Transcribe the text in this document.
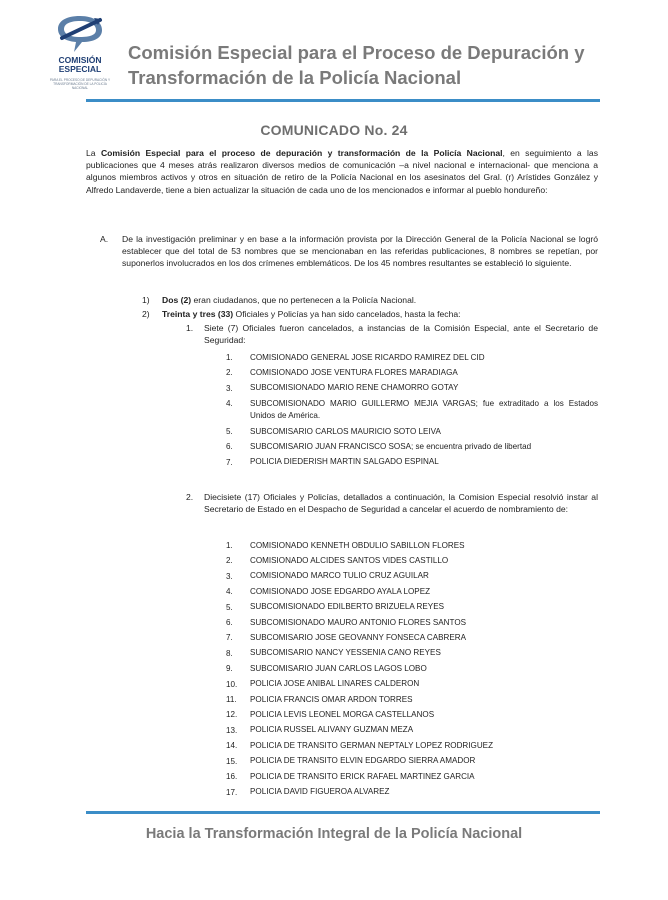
COMISIÓN
ESPECIAL
PARA EL PROCESO DE DEPURACIÓN Y TRANSFORMACIÓN DE LA POLICÍA NACIONAL
Comisión Especial para el Proceso de Depuración y
Transformación de la Policía Nacional
COMUNICADO No. 24

La Comisión Especial para el proceso de depuración y transformación de la Policía Nacional, en seguimiento a las publicaciones que 4 meses atrás realizaron diversos medios de comunicación –a nivel nacional e internacional- que menciona a algunos miembros activos y otros en situación de retiro de la Policía Nacional en los asesinatos del Gral. (r) Arístides González y Alfredo Landaverde, tiene a bien actualizar la situación de cada uno de los mencionados e informar al pueblo hondureño:

A. De la investigación preliminar y en base a la información provista por la Dirección General de la Policía Nacional se logró establecer que del total de 53 nombres que se mencionaban en las referidas publicaciones, 8 nombres se repetían, por suponerlos involucrados en los dos crímenes emblemáticos. De los 45 nombres resultantes se estableció lo siguiente.
1) Dos (2) eran ciudadanos, que no pertenecen a la Policía Nacional.
2) Treinta y tres (33) Oficiales y Policías ya han sido cancelados, hasta la fecha:
1. Siete (7) Oficiales fueron cancelados, a instancias de la Comisión Especial, ante el Secretario de Seguridad:
1. COMISIONADO GENERAL JOSE RICARDO RAMIREZ DEL CID
2. COMISIONADO JOSE VENTURA FLORES MARADIAGA
3. SUBCOMISIONADO MARIO RENE CHAMORRO GOTAY
4. SUBCOMISIONADO MARIO GUILLERMO MEJIA VARGAS; fue extraditado a los Estados Unidos de América.
5. SUBCOMISARIO CARLOS MAURICIO SOTO LEIVA
6. SUBCOMISARIO JUAN FRANCISCO SOSA; se encuentra privado de libertad
7. POLICIA DIEDERISH MARTIN SALGADO ESPINAL
2. Diecisiete (17) Oficiales y Policías, detallados a continuación, la Comision Especial resolvió instar al Secretario de Estado en el Despacho de Seguridad a cancelar el acuerdo de nombramiento de:
1. COMISIONADO KENNETH OBDULIO SABILLON FLORES
2. COMISIONADO ALCIDES SANTOS VIDES CASTILLO
3. COMISIONADO MARCO TULIO CRUZ AGUILAR
4. COMISIONADO JOSE EDGARDO AYALA LOPEZ
5. SUBCOMISIONADO EDILBERTO BRIZUELA REYES
6. SUBCOMISIONADO MAURO ANTONIO FLORES SANTOS
7. SUBCOMISARIO JOSE GEOVANNY FONSECA CABRERA
8. SUBCOMISARIO NANCY YESSENIA CANO REYES
9. SUBCOMISARIO JUAN CARLOS LAGOS LOBO
10. POLICIA JOSE ANIBAL LINARES CALDERON
11. POLICIA FRANCIS OMAR ARDON TORRES
12. POLICIA LEVIS LEONEL MORGA CASTELLANOS
13. POLICIA RUSSEL ALIVANY GUZMAN MEZA
14. POLICIA DE TRANSITO GERMAN NEPTALY LOPEZ RODRIGUEZ
15. POLICIA DE TRANSITO ELVIN EDGARDO SIERRA AMADOR
16. POLICIA DE TRANSITO ERICK RAFAEL MARTINEZ GARCIA
17. POLICIA DAVID FIGUEROA ALVAREZ
Hacia la Transformación Integral de la Policía Nacional
